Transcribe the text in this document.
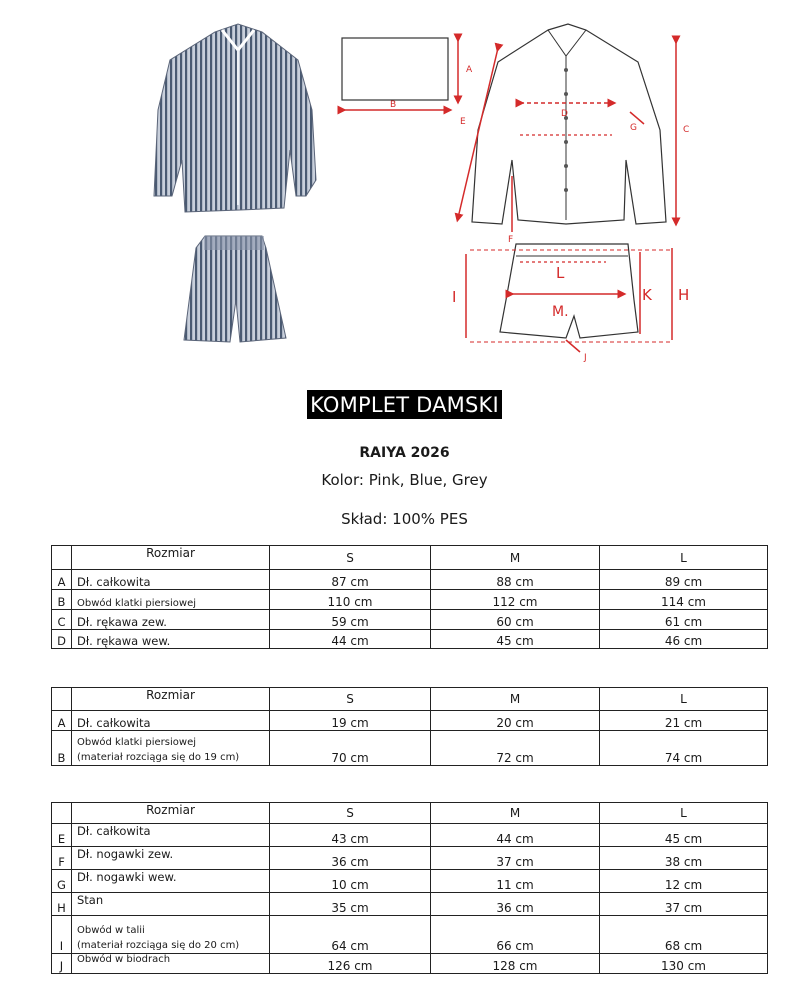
A
B
D
E
C
G
F
L
M.
I	K H
J
KOMPLET DAMSKI
RAIYA 2026
Kolor: Pink, Blue, Grey
Skład: 100% PES
	Rozmiar	S	M	L
A	Dł. całkowita	87 cm	88 cm	89 cm
B	Obwód klatki piersiowej	110 cm	112 cm	114 cm
C	Dł. rękawa zew.	59 cm	60 cm	61 cm
D	Dł. rękawa wew.	44 cm	45 cm	46 cm
	Rozmiar	S	M	L
A	Dł. całkowita	19 cm	20 cm	21 cm
B	Obwód klatki piersiowej
(materiał rozciąga się do 19 cm)	70 cm	72 cm	74 cm
	Rozmiar	S	M	L
E	Dł. całkowita	43 cm	44 cm	45 cm
F	Dł. nogawki zew.	36 cm	37 cm	38 cm
G	Dł. nogawki wew.	10 cm	11 cm	12 cm
H	Stan	35 cm	36 cm	37 cm
I	Obwód w talii
(materiał rozciąga się do 20 cm)	64 cm	66 cm	68 cm
J	Obwód w biodrach	126 cm	128 cm	130 cm
